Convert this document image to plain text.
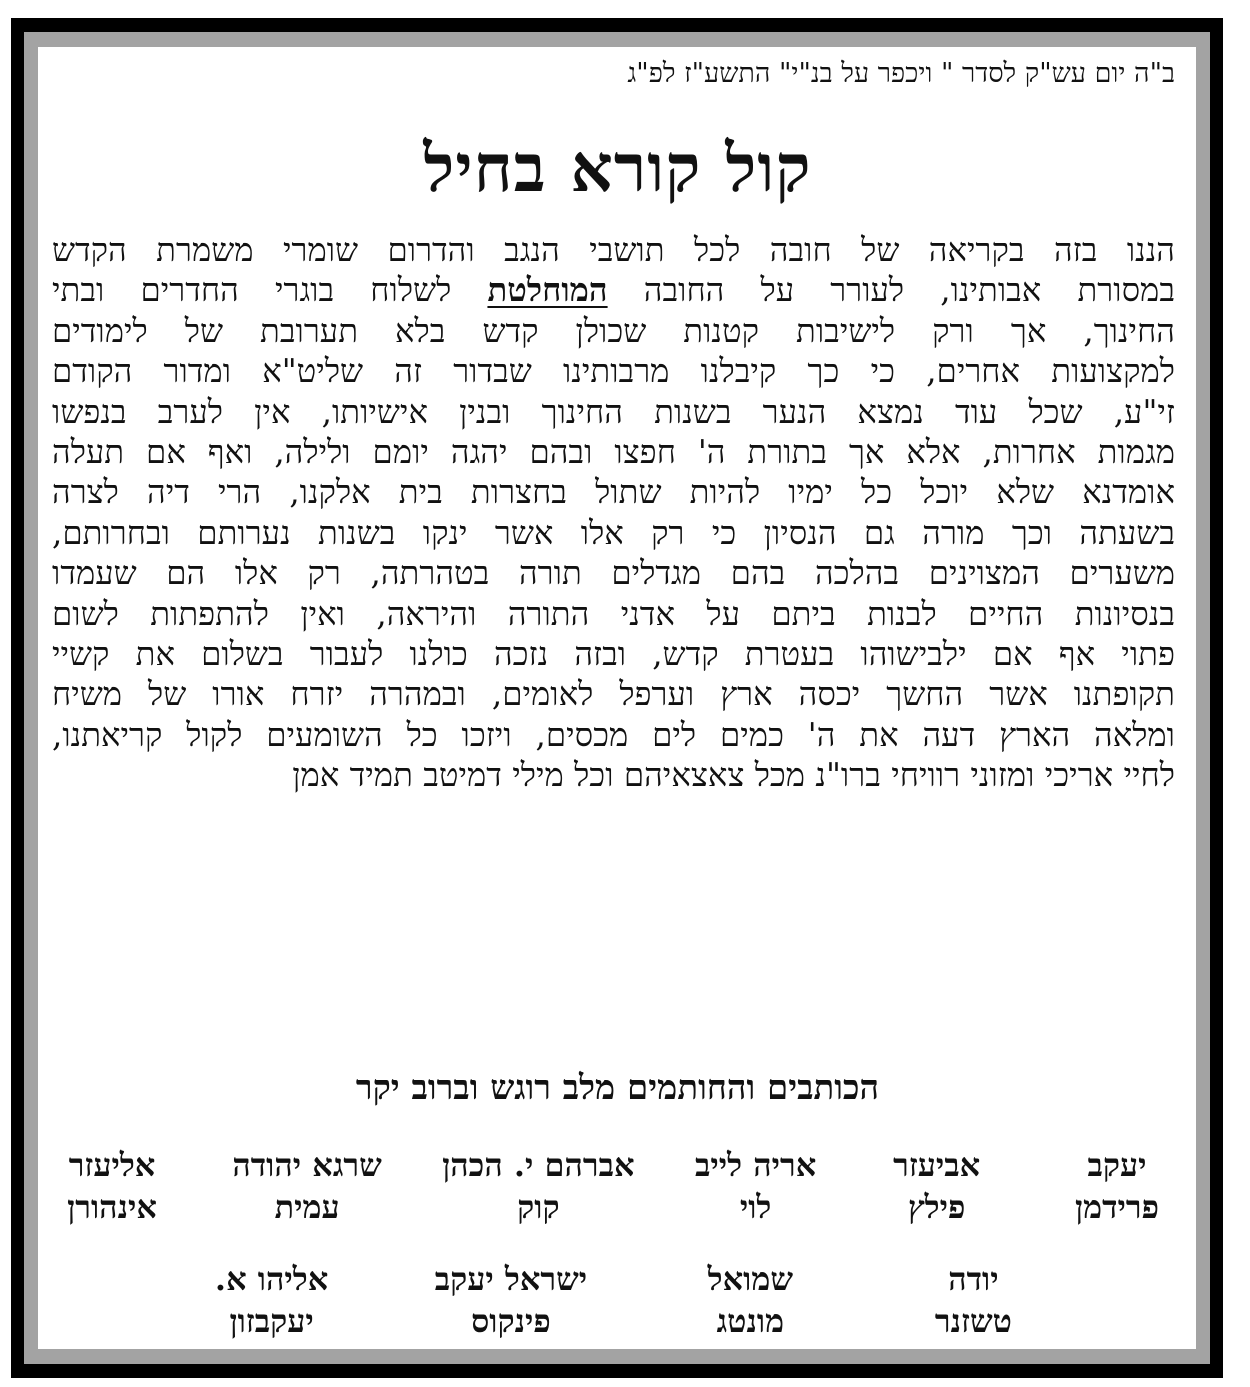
ב"ה יום עש"ק לסדר " ויכפר על בנ"י" התשע"ז לפ"ג
קול קורא בחיל
הננו בזה בקריאה של חובה לכל תושבי הנגב והדרום שומרי משמרת הקדש
במסורת אבותינו, לעורר על החובה המוחלטת לשלוח בוגרי החדרים ובתי
החינוך, אך ורק לישיבות קטנות שכולן קדש בלא תערובת של לימודים
למקצועות אחרים, כי כך קיבלנו מרבותינו שבדור זה שליט"א ומדור הקודם
זי"ע, שכל עוד נמצא הנער בשנות החינוך ובנין אישיותו, אין לערב בנפשו
מגמות אחרות, אלא אך בתורת ה' חפצו ובהם יהגה יומם ולילה, ואף אם תעלה
אומדנא שלא יוכל כל ימיו להיות שתול בחצרות בית אלקנו, הרי דיה לצרה
בשעתה וכך מורה גם הנסיון כי רק אלו אשר ינקו בשנות נערותם ובחרותם,
משערים המצוינים בהלכה בהם מגדלים תורה בטהרתה, רק אלו הם שעמדו
בנסיונות החיים לבנות ביתם על אדני התורה והיראה, ואין להתפתות לשום
פתוי אף אם ילבישוהו בעטרת קדש, ובזה נזכה כולנו לעבור בשלום את קשיי
תקופתנו אשר החשך יכסה ארץ וערפל לאומים, ובמהרה יזרח אורו של משיח
ומלאה הארץ דעה את ה' כמים לים מכסים, ויזכו כל השומעים לקול קריאתנו,
לחיי אריכי ומזוני רוויחי ברו"נ מכל צאצאיהם וכל מילי דמיטב תמיד אמן
הכותבים והחותמים מלב רוגש וברוב יקר
יעקב
פרידמן
אביעזר
פילץ
אריה לייב
לוי
אברהם י. הכהן
קוק
שרגא יהודה
עמית
אליעזר
אינהורן
יודה
טשזנר
שמואל
מונטג
ישראל יעקב
פינקוס
אליהו א.
יעקבזון
